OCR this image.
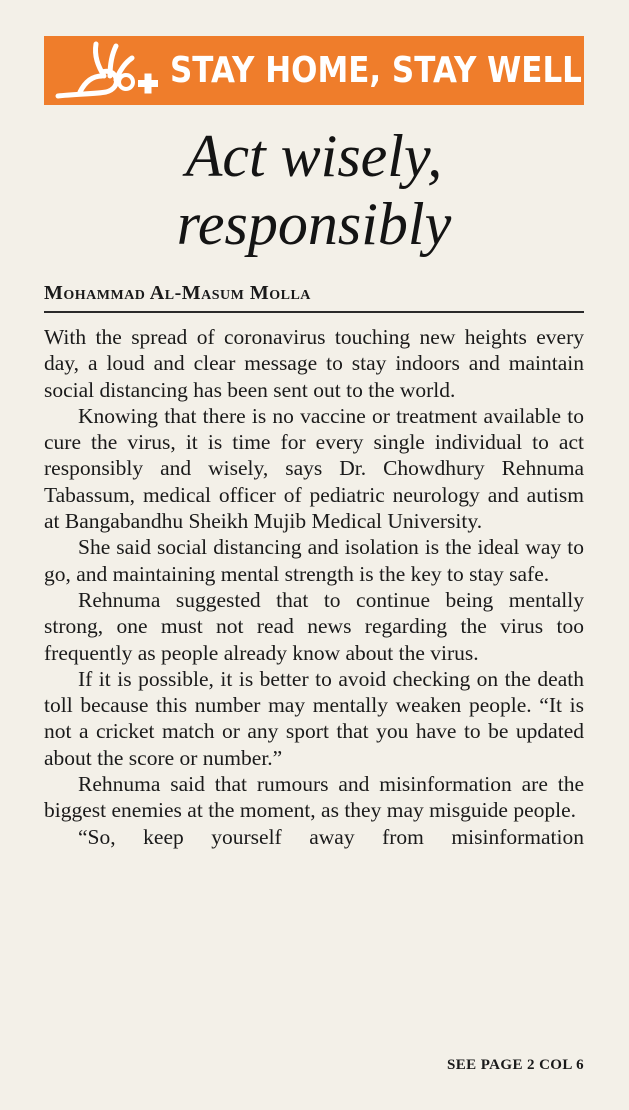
STAY HOME, STAY WELL
Act wisely,
responsibly
Mohammad Al-Masum Molla

With the spread of coronavirus touching new heights every day, a loud and clear message to stay indoors and maintain social distancing has been sent out to the world.

Knowing that there is no vaccine or treatment available to cure the virus, it is time for every single individual to act responsibly and wisely, says Dr. Chowdhury Rehnuma Tabassum, medical officer of pediatric neurology and autism at Bangabandhu Sheikh Mujib Medical University.

She said social distancing and isolation is the ideal way to go, and maintaining mental strength is the key to stay safe.

Rehnuma suggested that to continue being mentally strong, one must not read news regarding the virus too frequently as people already know about the virus.

If it is possible, it is better to avoid checking on the death toll because this number may mentally weaken people. “It is not a cricket match or any sport that you have to be updated about the score or number.”

Rehnuma said that rumours and misinformation are the biggest enemies at the moment, as they may misguide people.

“So, keep yourself away from misinformation

SEE PAGE 2 COL 6
